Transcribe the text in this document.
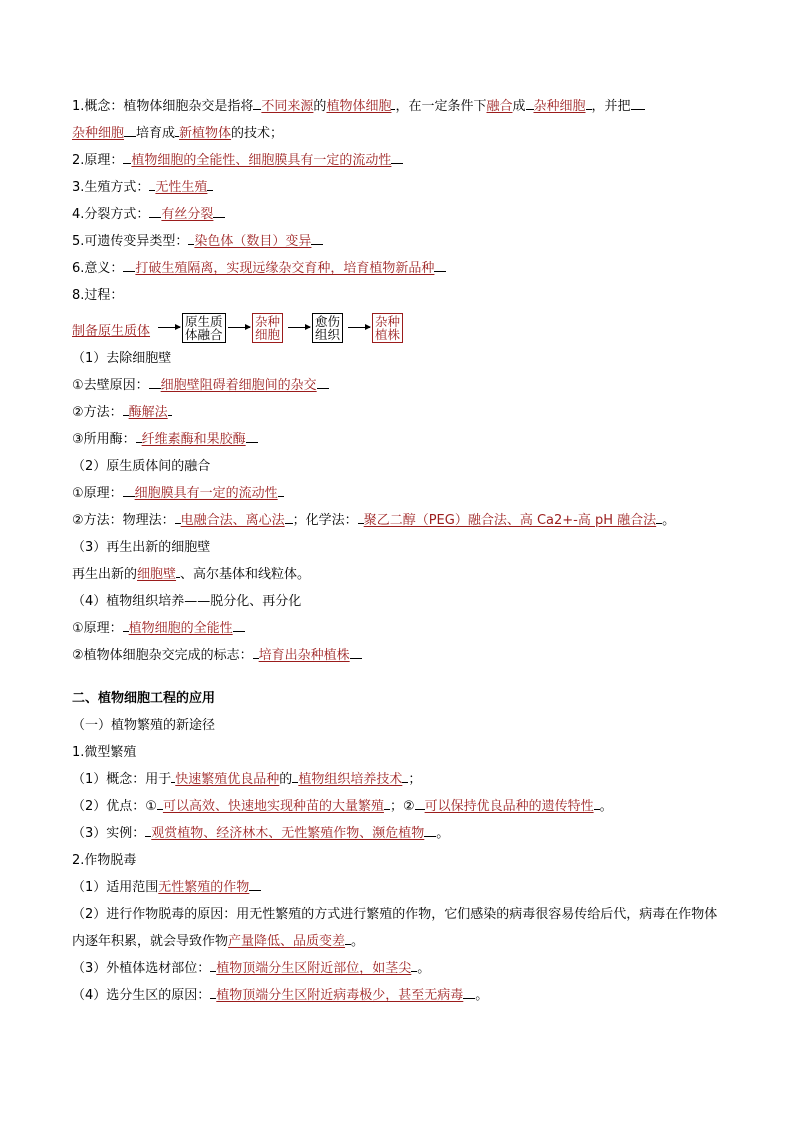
1.概念：植物体细胞杂交是指将 不同来源的植物体细胞 ，在一定条件下融合成 杂种细胞 ，并把
杂种细胞 培育成 新植物体的技术；
2.原理： 植物细胞的全能性、细胞膜具有一定的流动性
3.生殖方式： 无性生殖
4.分裂方式： 有丝分裂
5.可遗传变异类型： 染色体（数目）变异
6.意义： 打破生殖隔离，实现远缘杂交育种，培育植物新品种
8.过程：
制备原生质体
原生质
体融合
杂种
细胞
愈伤
组织
杂种
植株
（1）去除细胞壁
①去壁原因： 细胞壁阻碍着细胞间的杂交
②方法： 酶解法
③所用酶： 纤维素酶和果胶酶
（2）原生质体间的融合
①原理： 细胞膜具有一定的流动性
②方法：物理法： 电融合法、离心法 ；化学法： 聚乙二醇（PEG）融合法、高 Ca2+-高 pH 融合法 。
（3）再生出新的细胞壁
再生出新的细胞壁 、高尔基体和线粒体。
（4）植物组织培养——脱分化、再分化
①原理： 植物细胞的全能性
②植物体细胞杂交完成的标志： 培育出杂种植株
二、植物细胞工程的应用
（一）植物繁殖的新途径
1.微型繁殖
（1）概念：用于 快速繁殖优良品种的 植物组织培养技术 ；
（2）优点：① 可以高效、快速地实现种苗的大量繁殖 ；② 可以保持优良品种的遗传特性 。
（3）实例： 观赏植物、经济林木、无性繁殖作物、濒危植物 。
2.作物脱毒
（1）适用范围无性繁殖的作物
（2）进行作物脱毒的原因：用无性繁殖的方式进行繁殖的作物，它们感染的病毒很容易传给后代，病毒在作物体内逐年积累，就会导致作物产量降低、品质变差 。
（3）外植体选材部位： 植物顶端分生区附近部位，如茎尖 。
（4）选分生区的原因： 植物顶端分生区附近病毒极少，甚至无病毒 。
